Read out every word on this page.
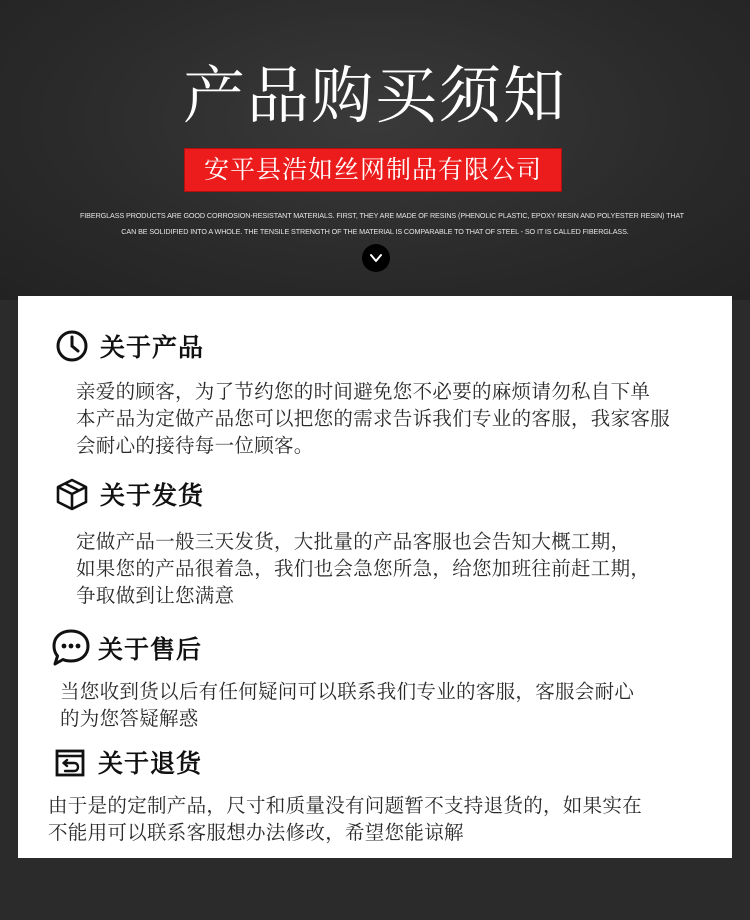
产品购买须知
安平县浩如丝网制品有限公司
FIBERGLASS PRODUCTS ARE GOOD CORROSION-RESISTANT MATERIALS. FIRST, THEY ARE MADE OF RESINS (PHENOLIC PLASTIC, EPOXY RESIN AND POLYESTER RESIN) THAT
CAN BE SOLIDIFIED INTO A WHOLE. THE TENSILE STRENGTH OF THE MATERIAL IS COMPARABLE TO THAT OF STEEL - SO IT IS CALLED FIBERGLASS.
关于产品
亲爱的顾客，为了节约您的时间避免您不必要的麻烦请勿私自下单
本产品为定做产品您可以把您的需求告诉我们专业的客服，我家客服
会耐心的接待每一位顾客。
关于发货
定做产品一般三天发货，大批量的产品客服也会告知大概工期，
如果您的产品很着急，我们也会急您所急，给您加班往前赶工期，
争取做到让您满意
关于售后
当您收到货以后有任何疑问可以联系我们专业的客服，客服会耐心
的为您答疑解惑
关于退货
由于是的定制产品，尺寸和质量没有问题暂不支持退货的，如果实在
不能用可以联系客服想办法修改，希望您能谅解
